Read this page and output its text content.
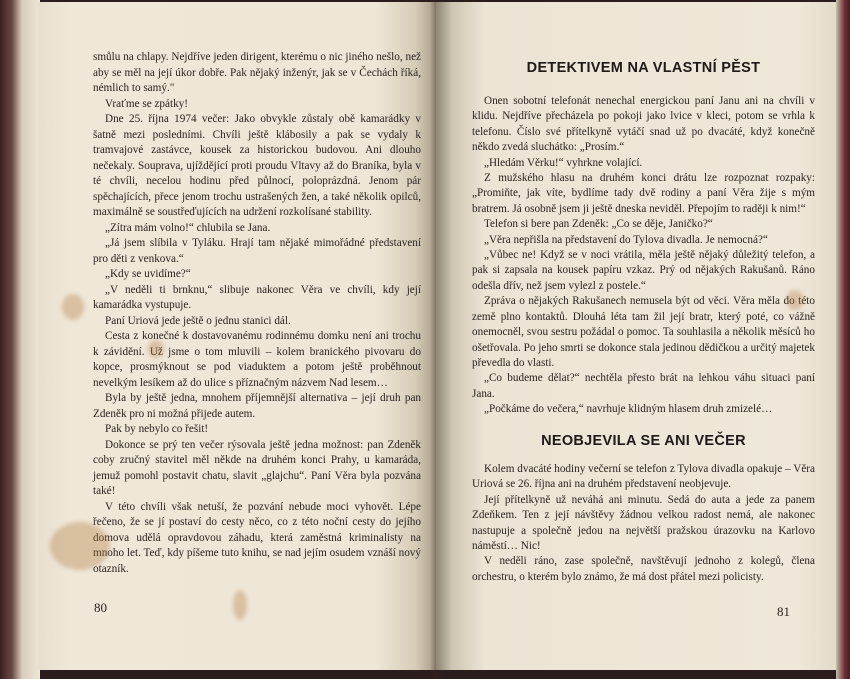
smůlu na chlapy. Nejdříve jeden dirigent, kterému o nic jiného nešlo, než aby se měl na její úkor dobře. Pak nějaký inženýr, jak se v Čechách říká, némlich to samý."

Vraťme se zpátky!

Dne 25. října 1974 večer: Jako obvykle zůstaly obě kamarádky v šatně mezi posledními. Chvíli ještě klábosily a pak se vydaly k tramvajové zastávce, kousek za historickou budovou. Ani dlouho nečekaly. Souprava, ujíždějící proti proudu Vltavy až do Braníka, byla v té chvíli, necelou hodinu před půlnocí, poloprázdná. Jenom pár spěchajících, přece jenom trochu ustrašených žen, a také několik opilců, maximálně se soustřeďujících na udržení rozkolísané stability.

„Zítra mám volno!“ chlubila se Jana.

„Já jsem slíbila v Tyláku. Hrají tam nějaké mimořádné představení pro děti z venkova.“

„Kdy se uvidíme?“

„V neděli ti brnknu,“ slibuje nakonec Věra ve chvíli, kdy její kamarádka vystupuje.

Paní Uriová jede ještě o jednu stanici dál.

Cesta z konečné k dostavovanému rodinnému domku není ani trochu k závidění. Už jsme o tom mluvili – kolem branického pivovaru do kopce, prosmýknout se pod viaduktem a potom ještě proběhnout nevelkým lesíkem až do ulice s příznačným názvem Nad lesem…

Byla by ještě jedna, mnohem příjemnější alternativa – její druh pan Zdeněk pro ni možná přijede autem.

Pak by nebylo co řešit!

Dokonce se prý ten večer rýsovala ještě jedna možnost: pan Zdeněk coby zručný stavitel měl někde na druhém konci Prahy, u kamaráda, jemuž pomohl postavit chatu, slavit „glajchu“. Paní Věra byla pozvána také!

V této chvíli však netuší, že pozvání nebude moci vyhovět. Lépe řečeno, že se jí postaví do cesty něco, co z této noční cesty do jejího domova udělá opravdovou záhadu, která zaměstná kriminalisty na mnoho let. Teď, kdy píšeme tuto knihu, se nad jejím osudem vznáší nový otazník.

80
DETEKTIVEM NA VLASTNÍ PĚST

Onen sobotní telefonát nenechal energickou paní Janu ani na chvíli v klidu. Nejdříve přecházela po pokoji jako lvice v kleci, potom se vrhla k telefonu. Číslo své přítelkyně vytáčí snad už po dvacáté, když konečně někdo zvedá sluchátko: „Prosím.“

„Hledám Věrku!“ vyhrkne volající.

Z mužského hlasu na druhém konci drátu lze rozpoznat rozpaky: „Promiňte, jak víte, bydlíme tady dvě rodiny a paní Věra žije s mým bratrem. Já osobně jsem ji ještě dneska neviděl. Přepojím to raději k nim!“

Telefon si bere pan Zdeněk: „Co se děje, Janičko?“

„Věra nepřišla na představení do Tylova divadla. Je nemocná?“

„Vůbec ne! Když se v noci vrátila, měla ještě nějaký důležitý telefon, a pak si zapsala na kousek papíru vzkaz. Prý od nějakých Rakušanů. Ráno odešla dřív, než jsem vylezl z postele.“

Zpráva o nějakých Rakušanech nemusela být od věci. Věra měla do této země plno kontaktů. Dlouhá léta tam žil její bratr, který poté, co vážně onemocněl, svou sestru požádal o pomoc. Ta souhlasila a několik měsíců ho ošetřovala. Po jeho smrti se dokonce stala jedinou dědičkou a určitý majetek převedla do vlasti.

„Co budeme dělat?“ nechtěla přesto brát na lehkou váhu situaci paní Jana.

„Počkáme do večera,“ navrhuje klidným hlasem druh zmizelé…

NEOBJEVILA SE ANI VEČER

Kolem dvacáté hodiny večerní se telefon z Tylova divadla opakuje – Věra Uriová se 26. října ani na druhém představení neobjevuje.

Její přítelkyně už neváhá ani minutu. Sedá do auta a jede za panem Zdeňkem. Ten z její návštěvy žádnou velkou radost nemá, ale nakonec nastupuje a společně jedou na největší pražskou úrazovku na Karlovo náměstí… Nic!

V neděli ráno, zase společně, navštěvují jednoho z kolegů, člena orchestru, o kterém bylo známo, že má dost přátel mezi policisty.

81
